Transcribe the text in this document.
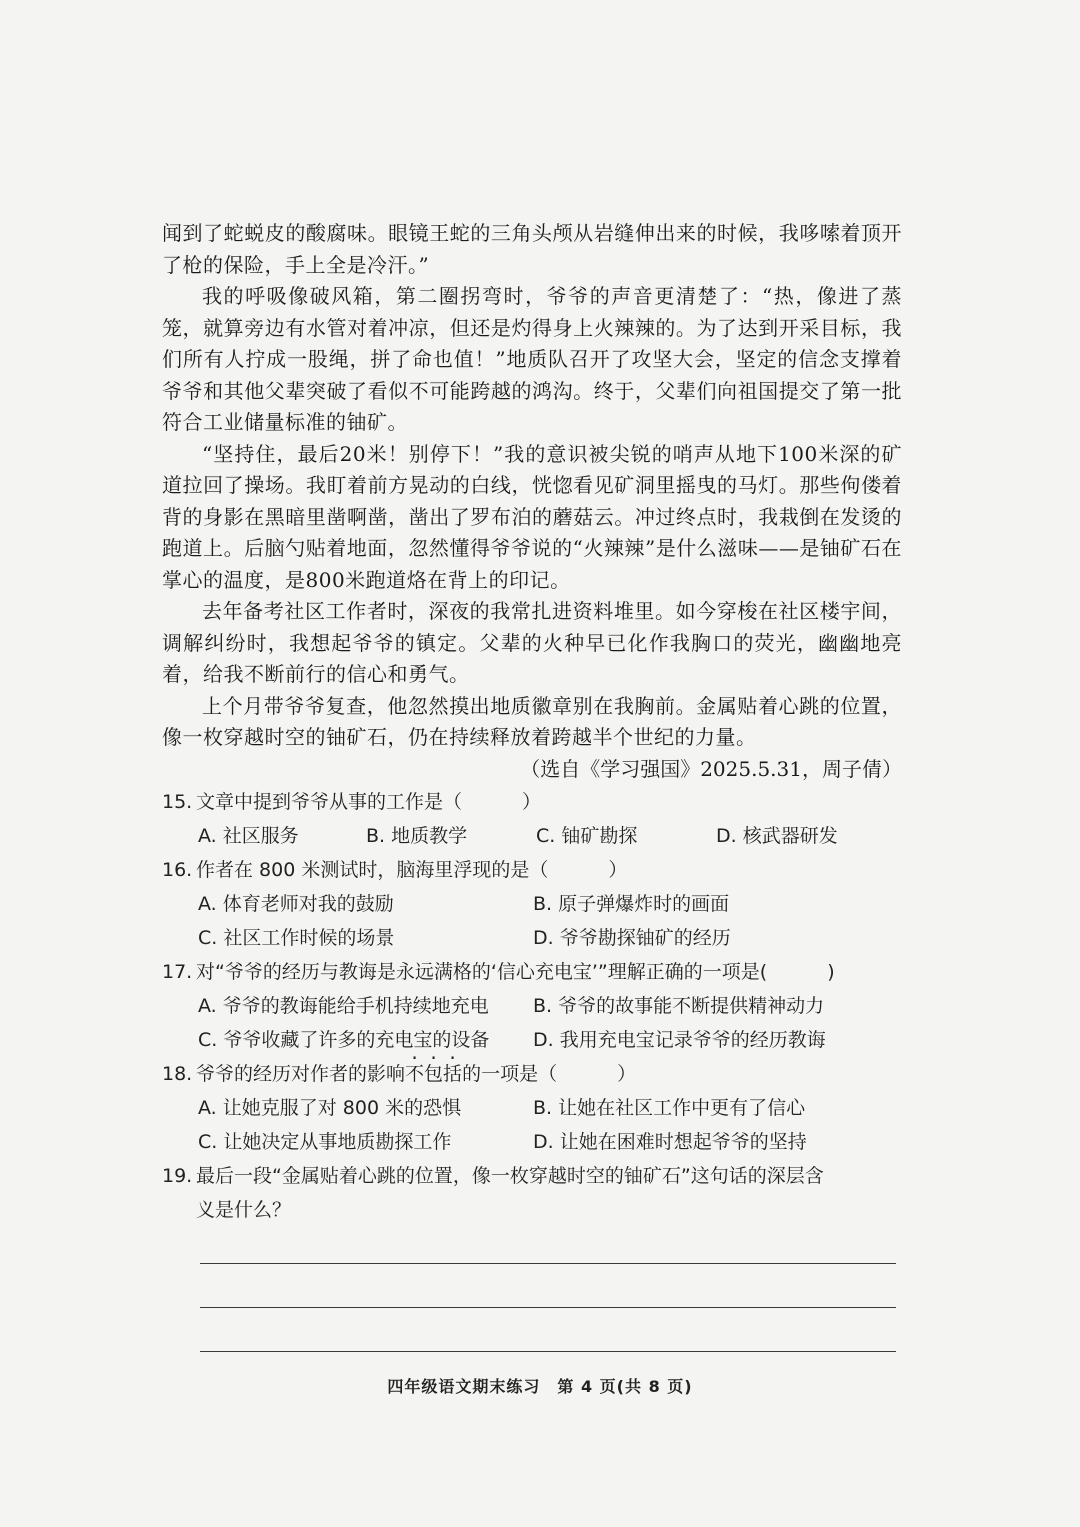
闻到了蛇蜕皮的酸腐味。眼镜王蛇的三角头颅从岩缝伸出来的时候，我哆嗦着顶开了枪的保险，手上全是冷汗。”

我的呼吸像破风箱，第二圈拐弯时，爷爷的声音更清楚了：“热，像进了蒸笼，就算旁边有水管对着冲凉，但还是灼得身上火辣辣的。为了达到开采目标，我们所有人拧成一股绳，拼了命也值！”地质队召开了攻坚大会，坚定的信念支撑着爷爷和其他父辈突破了看似不可能跨越的鸿沟。终于，父辈们向祖国提交了第一批符合工业储量标准的铀矿。

“坚持住，最后20米！别停下！”我的意识被尖锐的哨声从地下100米深的矿道拉回了操场。我盯着前方晃动的白线，恍惚看见矿洞里摇曳的马灯。那些佝偻着背的身影在黑暗里凿啊凿，凿出了罗布泊的蘑菇云。冲过终点时，我栽倒在发烫的跑道上。后脑勺贴着地面，忽然懂得爷爷说的“火辣辣”是什么滋味——是铀矿石在掌心的温度，是800米跑道烙在背上的印记。

去年备考社区工作者时，深夜的我常扎进资料堆里。如今穿梭在社区楼宇间，调解纠纷时，我想起爷爷的镇定。父辈的火种早已化作我胸口的荧光，幽幽地亮着，给我不断前行的信心和勇气。

上个月带爷爷复查，他忽然摸出地质徽章别在我胸前。金属贴着心跳的位置，像一枚穿越时空的铀矿石，仍在持续释放着跨越半个世纪的力量。

（选自《学习强国》2025.5.31，周子倩）

15. 文章中提到爷爷从事的工作是（	）

A. 社区服务	B. 地质教学	C. 铀矿勘探	D. 核武器研发

16. 作者在 800 米测试时，脑海里浮现的是（	）

A. 体育老师对我的鼓励	B. 原子弹爆炸时的画面
C. 社区工作时候的场景	D. 爷爷勘探铀矿的经历

17. 对“爷爷的经历与教诲是永远满格的‘信心充电宝’”理解正确的一项是(	)

A. 爷爷的教诲能给手机持续地充电	B. 爷爷的故事能不断提供精神动力
C. 爷爷收藏了许多的充电宝的设备	D. 我用充电宝记录爷爷的经历教诲

18. 爷爷的经历对作者的影响不包括的一项是（	）

A. 让她克服了对 800 米的恐惧	B. 让她在社区工作中更有了信心
C. 让她决定从事地质勘探工作	D. 让她在困难时想起爷爷的坚持

19. 最后一段“金属贴着心跳的位置，像一枚穿越时空的铀矿石”这句话的深层含

义是什么？

四年级语文期末练习　第 4 页(共 8 页)
